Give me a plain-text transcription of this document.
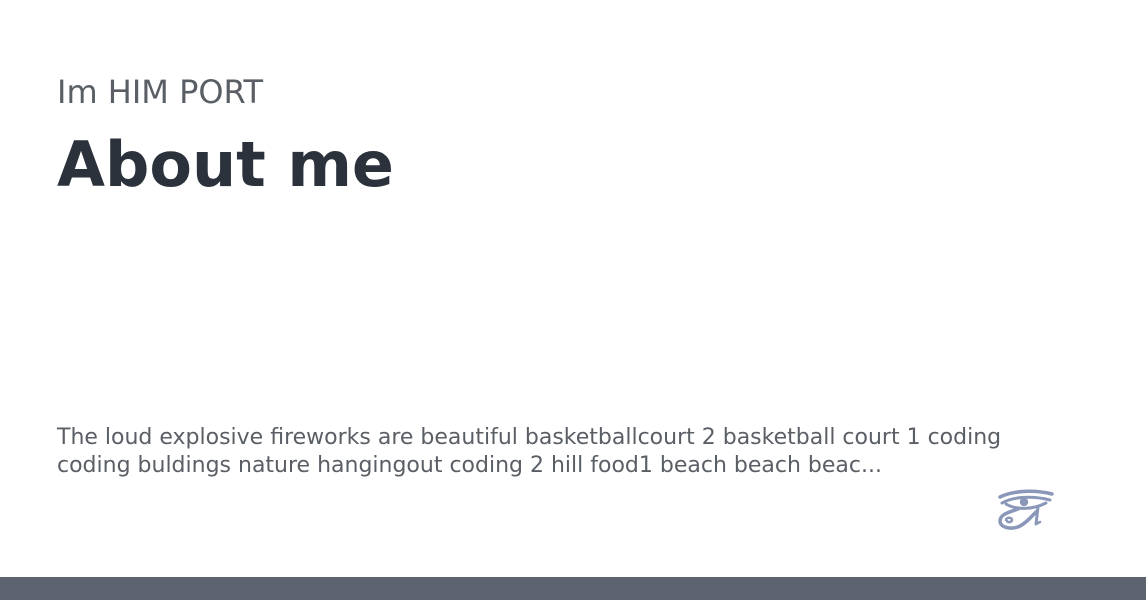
Im HIM PORT
About me

The loud explosive fireworks are beautiful basketballcourt 2 basketball court 1 coding coding buldings nature hangingout coding 2 hill food1 beach beach beac...
